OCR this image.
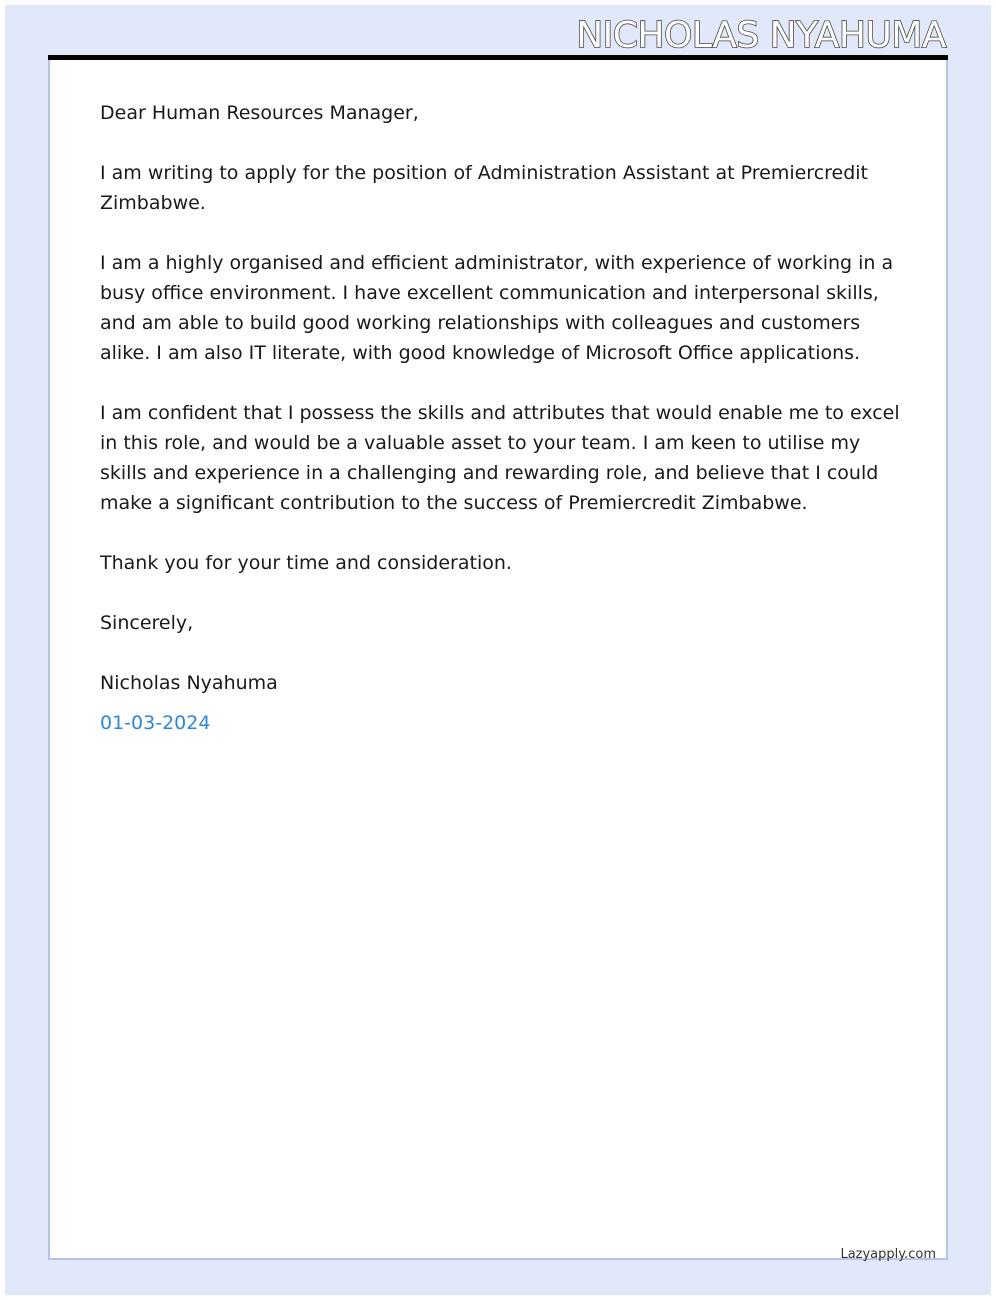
NICHOLAS NYAHUMA

Dear Human Resources Manager,

I am writing to apply for the position of Administration Assistant at Premiercredit Zimbabwe.

I am a highly organised and efficient administrator, with experience of working in a busy office environment. I have excellent communication and interpersonal skills, and am able to build good working relationships with colleagues and customers alike. I am also IT literate, with good knowledge of Microsoft Office applications.

I am confident that I possess the skills and attributes that would enable me to excel in this role, and would be a valuable asset to your team. I am keen to utilise my skills and experience in a challenging and rewarding role, and believe that I could make a significant contribution to the success of Premiercredit Zimbabwe.

Thank you for your time and consideration.

Sincerely,

Nicholas Nyahuma

01-03-2024

Lazyapply.com
